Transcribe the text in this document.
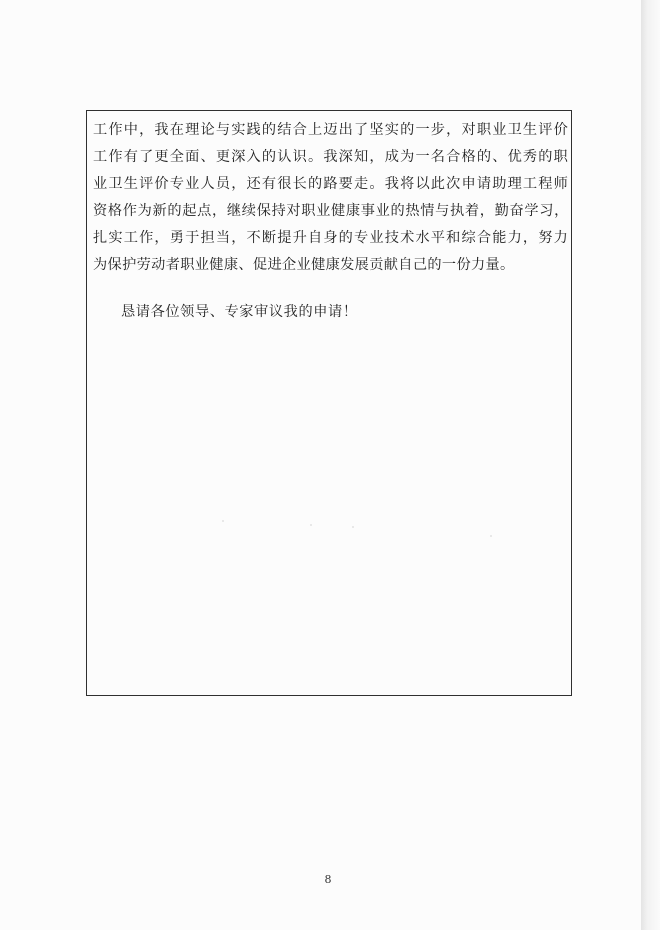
工作中，我在理论与实践的结合上迈出了坚实的一步，对职业卫生评价
工作有了更全面、更深入的认识。我深知，成为一名合格的、优秀的职
业卫生评价专业人员，还有很长的路要走。我将以此次申请助理工程师
资格作为新的起点，继续保持对职业健康事业的热情与执着，勤奋学习，
扎实工作，勇于担当，不断提升自身的专业技术水平和综合能力，努力
为保护劳动者职业健康、促进企业健康发展贡献自己的一份力量。

恳请各位领导、专家审议我的申请！

8
